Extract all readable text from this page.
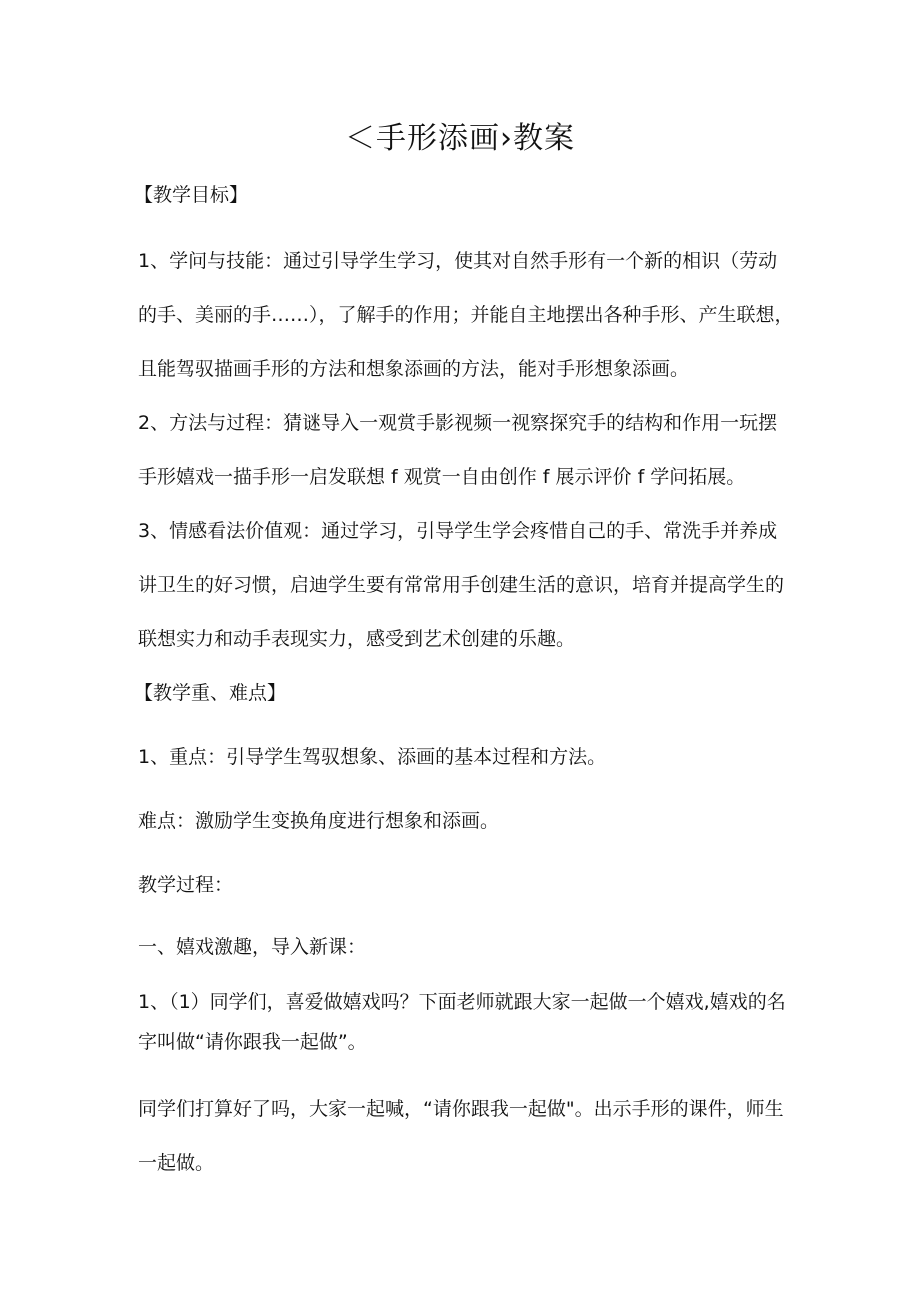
＜手形添画›教案
【教学目标】
1、学问与技能：通过引导学生学习，使其对自然手形有一个新的相识（劳动的手、美丽的手……），了解手的作用；并能自主地摆出各种手形、产生联想，且能驾驭描画手形的方法和想象添画的方法，能对手形想象添画。
2、方法与过程：猜谜导入一观赏手影视频一视察探究手的结构和作用一玩摆手形嬉戏一描手形一启发联想 f 观赏一自由创作 f 展示评价 f 学问拓展。
3、情感看法价值观：通过学习，引导学生学会疼惜自己的手、常洗手并养成讲卫生的好习惯，启迪学生要有常常用手创建生活的意识，培育并提高学生的联想实力和动手表现实力，感受到艺术创建的乐趣。
【教学重、难点】
1、重点：引导学生驾驭想象、添画的基本过程和方法。
难点：激励学生变换角度进行想象和添画。
教学过程：
一、嬉戏激趣，导入新课：
1、（1）同学们，喜爱做嬉戏吗？下面老师就跟大家一起做一个嬉戏,嬉戏的名字叫做“请你跟我一起做”。
同学们打算好了吗，大家一起喊，“请你跟我一起做"。出示手形的课件，师生一起做。
